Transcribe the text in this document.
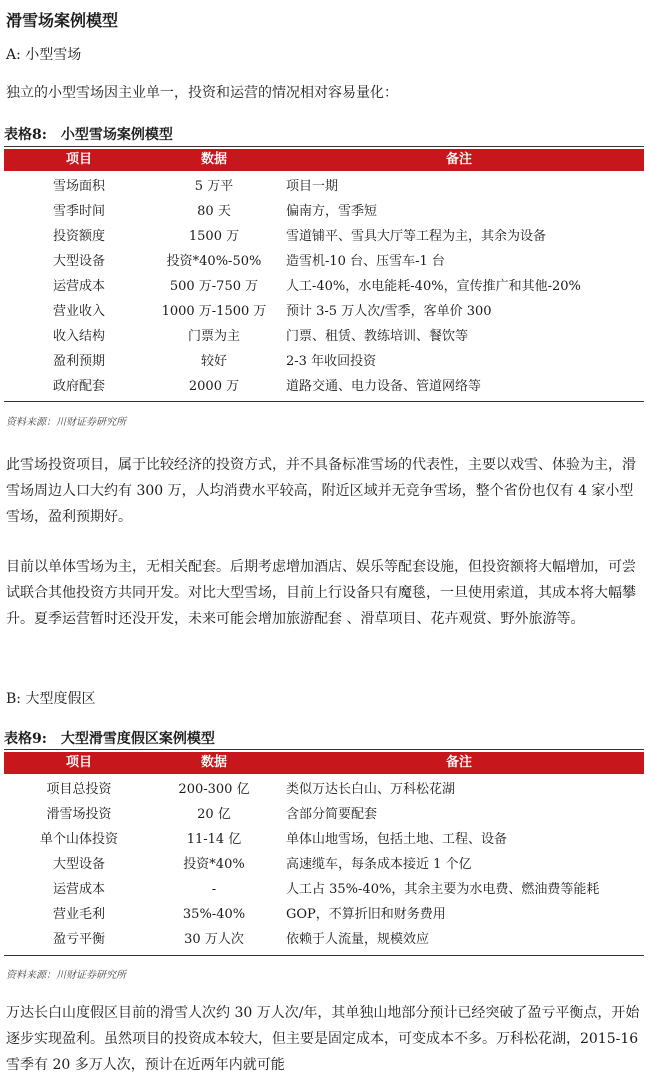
滑雪场案例模型
A: 小型雪场
独立的小型雪场因主业单一，投资和运营的情况相对容易量化：
表格8: 小型雪场案例模型
项目	数据	备注
雪场面积	5 万平	项目一期
雪季时间	80 天	偏南方，雪季短
投资额度	1500 万	雪道铺平、雪具大厅等工程为主，其余为设备
大型设备	投资*40%-50%	造雪机-10 台、压雪车-1 台
运营成本	500 万-750 万	人工-40%，水电能耗-40%，宣传推广和其他-20%
营业收入	1000 万-1500 万	预计 3-5 万人次/雪季，客单价 300
收入结构	门票为主	门票、租赁、教练培训、餐饮等
盈利预期	较好	2-3 年收回投资
政府配套	2000 万	道路交通、电力设备、管道网络等
资料来源：川财证券研究所
此雪场投资项目，属于比较经济的投资方式，并不具备标准雪场的代表性，主要以戏雪、体验为主，滑雪场周边人口大约有 300 万，人均消费水平较高，附近区域并无竞争雪场，整个省份也仅有 4 家小型雪场，盈利预期好。
目前以单体雪场为主，无相关配套。后期考虑增加酒店、娱乐等配套设施，但投资额将大幅增加，可尝试联合其他投资方共同开发。对比大型雪场，目前上行设备只有魔毯，一旦使用索道，其成本将大幅攀升。夏季运营暂时还没开发，未来可能会增加旅游配套 、滑草项目、花卉观赏、野外旅游等。
B: 大型度假区
表格9: 大型滑雪度假区案例模型
项目	数据	备注
项目总投资	200-300 亿	类似万达长白山、万科松花湖
滑雪场投资	20 亿	含部分简要配套
单个山体投资	11-14 亿	单体山地雪场，包括土地、工程、设备
大型设备	投资*40%	高速缆车，每条成本接近 1 个亿
运营成本	-	人工占 35%-40%，其余主要为水电费、燃油费等能耗
营业毛利	35%-40%	GOP，不算折旧和财务费用
盈亏平衡	30 万人次	依赖于人流量，规模效应
资料来源：川财证券研究所
万达长白山度假区目前的滑雪人次约 30 万人次/年，其单独山地部分预计已经突破了盈亏平衡点，开始逐步实现盈利。虽然项目的投资成本较大，但主要是固定成本，可变成本不多。万科松花湖，2015-16 雪季有 20 多万人次，预计在近两年内就可能
